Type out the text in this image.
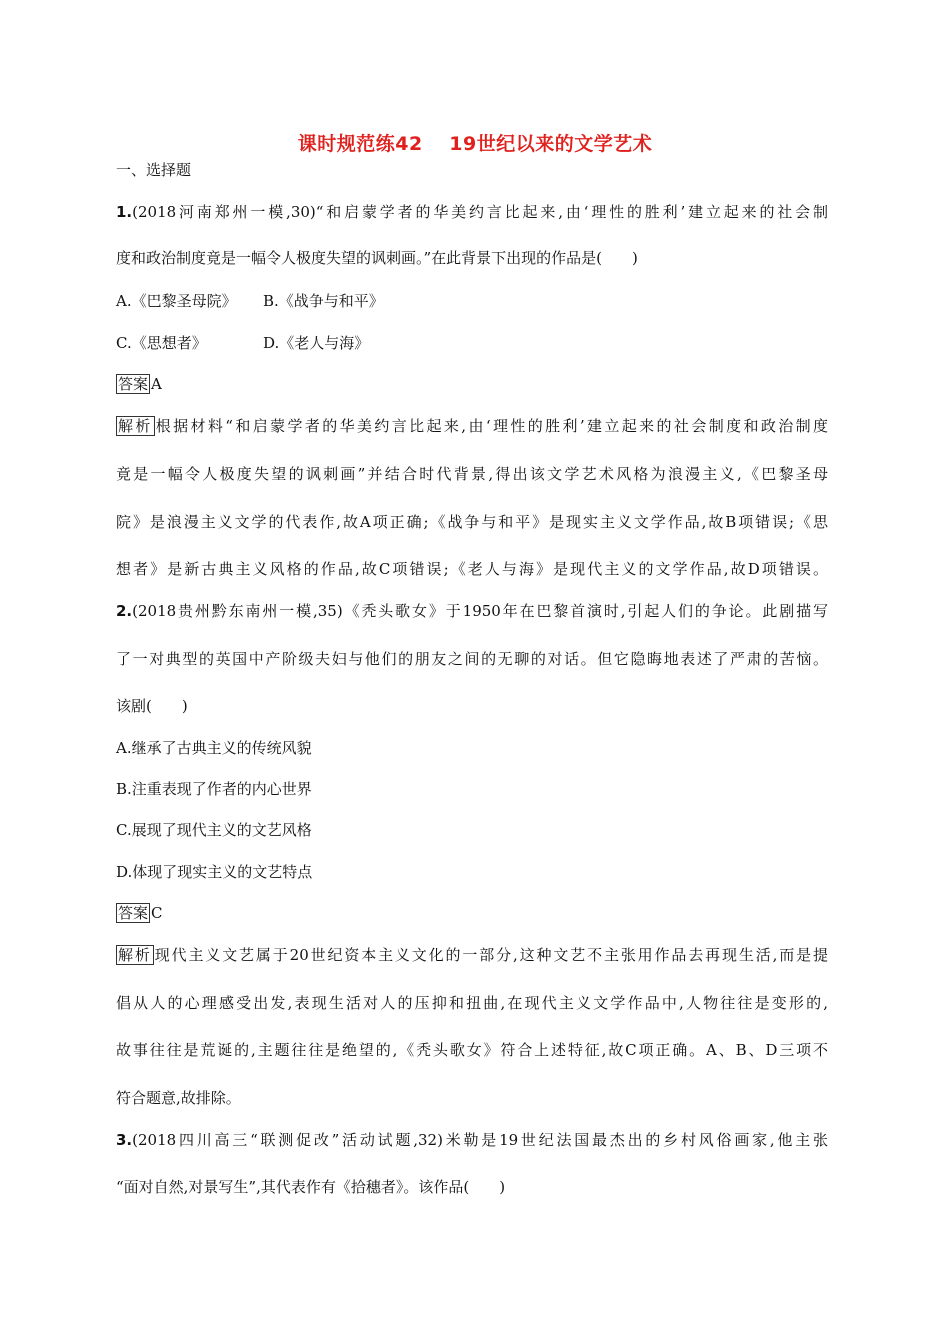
课时规范练42　 19世纪以来的文学艺术
一、选择题
1.(2018河南郑州一模,30)“和启蒙学者的华美约言比起来,由‘理性的胜利’建立起来的社会制
度和政治制度竟是一幅令人极度失望的讽刺画。”在此背景下出现的作品是(　　)
A.《巴黎圣母院》 B.《战争与和平》
C.《思想者》	D.《老人与海》
答案 A
解析 根据材料“和启蒙学者的华美约言比起来,由‘理性的胜利’建立起来的社会制度和政治制度
竟是一幅令人极度失望的讽刺画”并结合时代背景,得出该文学艺术风格为浪漫主义,《巴黎圣母
院》是浪漫主义文学的代表作,故A项正确;《战争与和平》是现实主义文学作品,故B项错误;《思
想者》是新古典主义风格的作品,故C项错误;《老人与海》是现代主义的文学作品,故D项错误。
2.(2018贵州黔东南州一模,35)《秃头歌女》于1950年在巴黎首演时,引起人们的争论。此剧描写
了一对典型的英国中产阶级夫妇与他们的朋友之间的无聊的对话。但它隐晦地表述了严肃的苦恼。
该剧(　　)
A.继承了古典主义的传统风貌
B.注重表现了作者的内心世界
C.展现了现代主义的文艺风格
D.体现了现实主义的文艺特点
答案 C
解析 现代主义文艺属于20世纪资本主义文化的一部分,这种文艺不主张用作品去再现生活,而是提
倡从人的心理感受出发,表现生活对人的压抑和扭曲,在现代主义文学作品中,人物往往是变形的,
故事往往是荒诞的,主题往往是绝望的,《秃头歌女》符合上述特征,故C项正确。A、B、D三项不
符合题意,故排除。
3.(2018四川高三“联测促改”活动试题,32)米勒是19世纪法国最杰出的乡村风俗画家,他主张
“面对自然,对景写生”,其代表作有《拾穗者》。该作品(　　)
